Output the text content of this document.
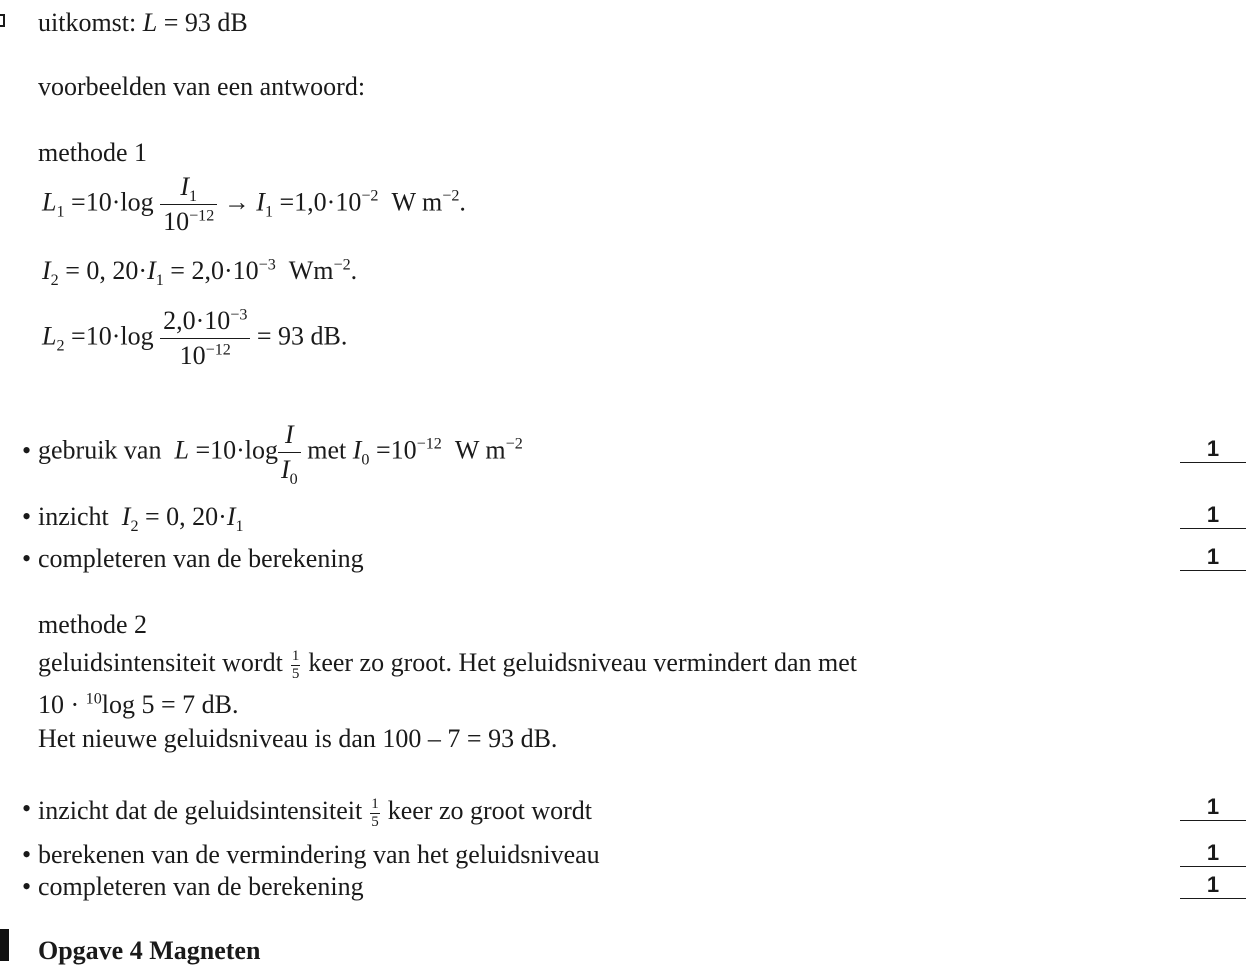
uitkomst: L = 93 dB
voorbeelden van een antwoord:
methode 1
$L_1 =10\cdot\log \frac{I_1}{10^{-12}} \to I_1 =1,0\cdot 10^{-2}$ W $m^{-2}$.
$I_2 = 0$, $20\cdot I_1 = 2,0\cdot 10^{-3}$ $Wm^{-2}$.
$L_2 =10\cdot\log \frac{2,0\cdot 10^{-3}}{10^{-12}} = 93$ dB.
• gebruik van $L =10\cdot\log \frac{I}{I_0}$ met $I_0 =10^{-12}$ W $m^{-2}$	1
• inzicht $I_2 = 0$, $20\cdot I_1$	1
• completeren van de berekening	1
methode 2
geluidsintensiteit wordt $\frac{1}{5}$ keer zo groot. Het geluidsniveau vermindert dan met
10 · $^{10}$log 5 = 7 dB.
Het nieuwe geluidsniveau is dan 100 – 7 = 93 dB.
• inzicht dat de geluidsintensiteit $\frac{1}{5}$ keer zo groot wordt	1
• berekenen van de vermindering van het geluidsniveau	1
• completeren van de berekening	1
Opgave 4 Magneten
